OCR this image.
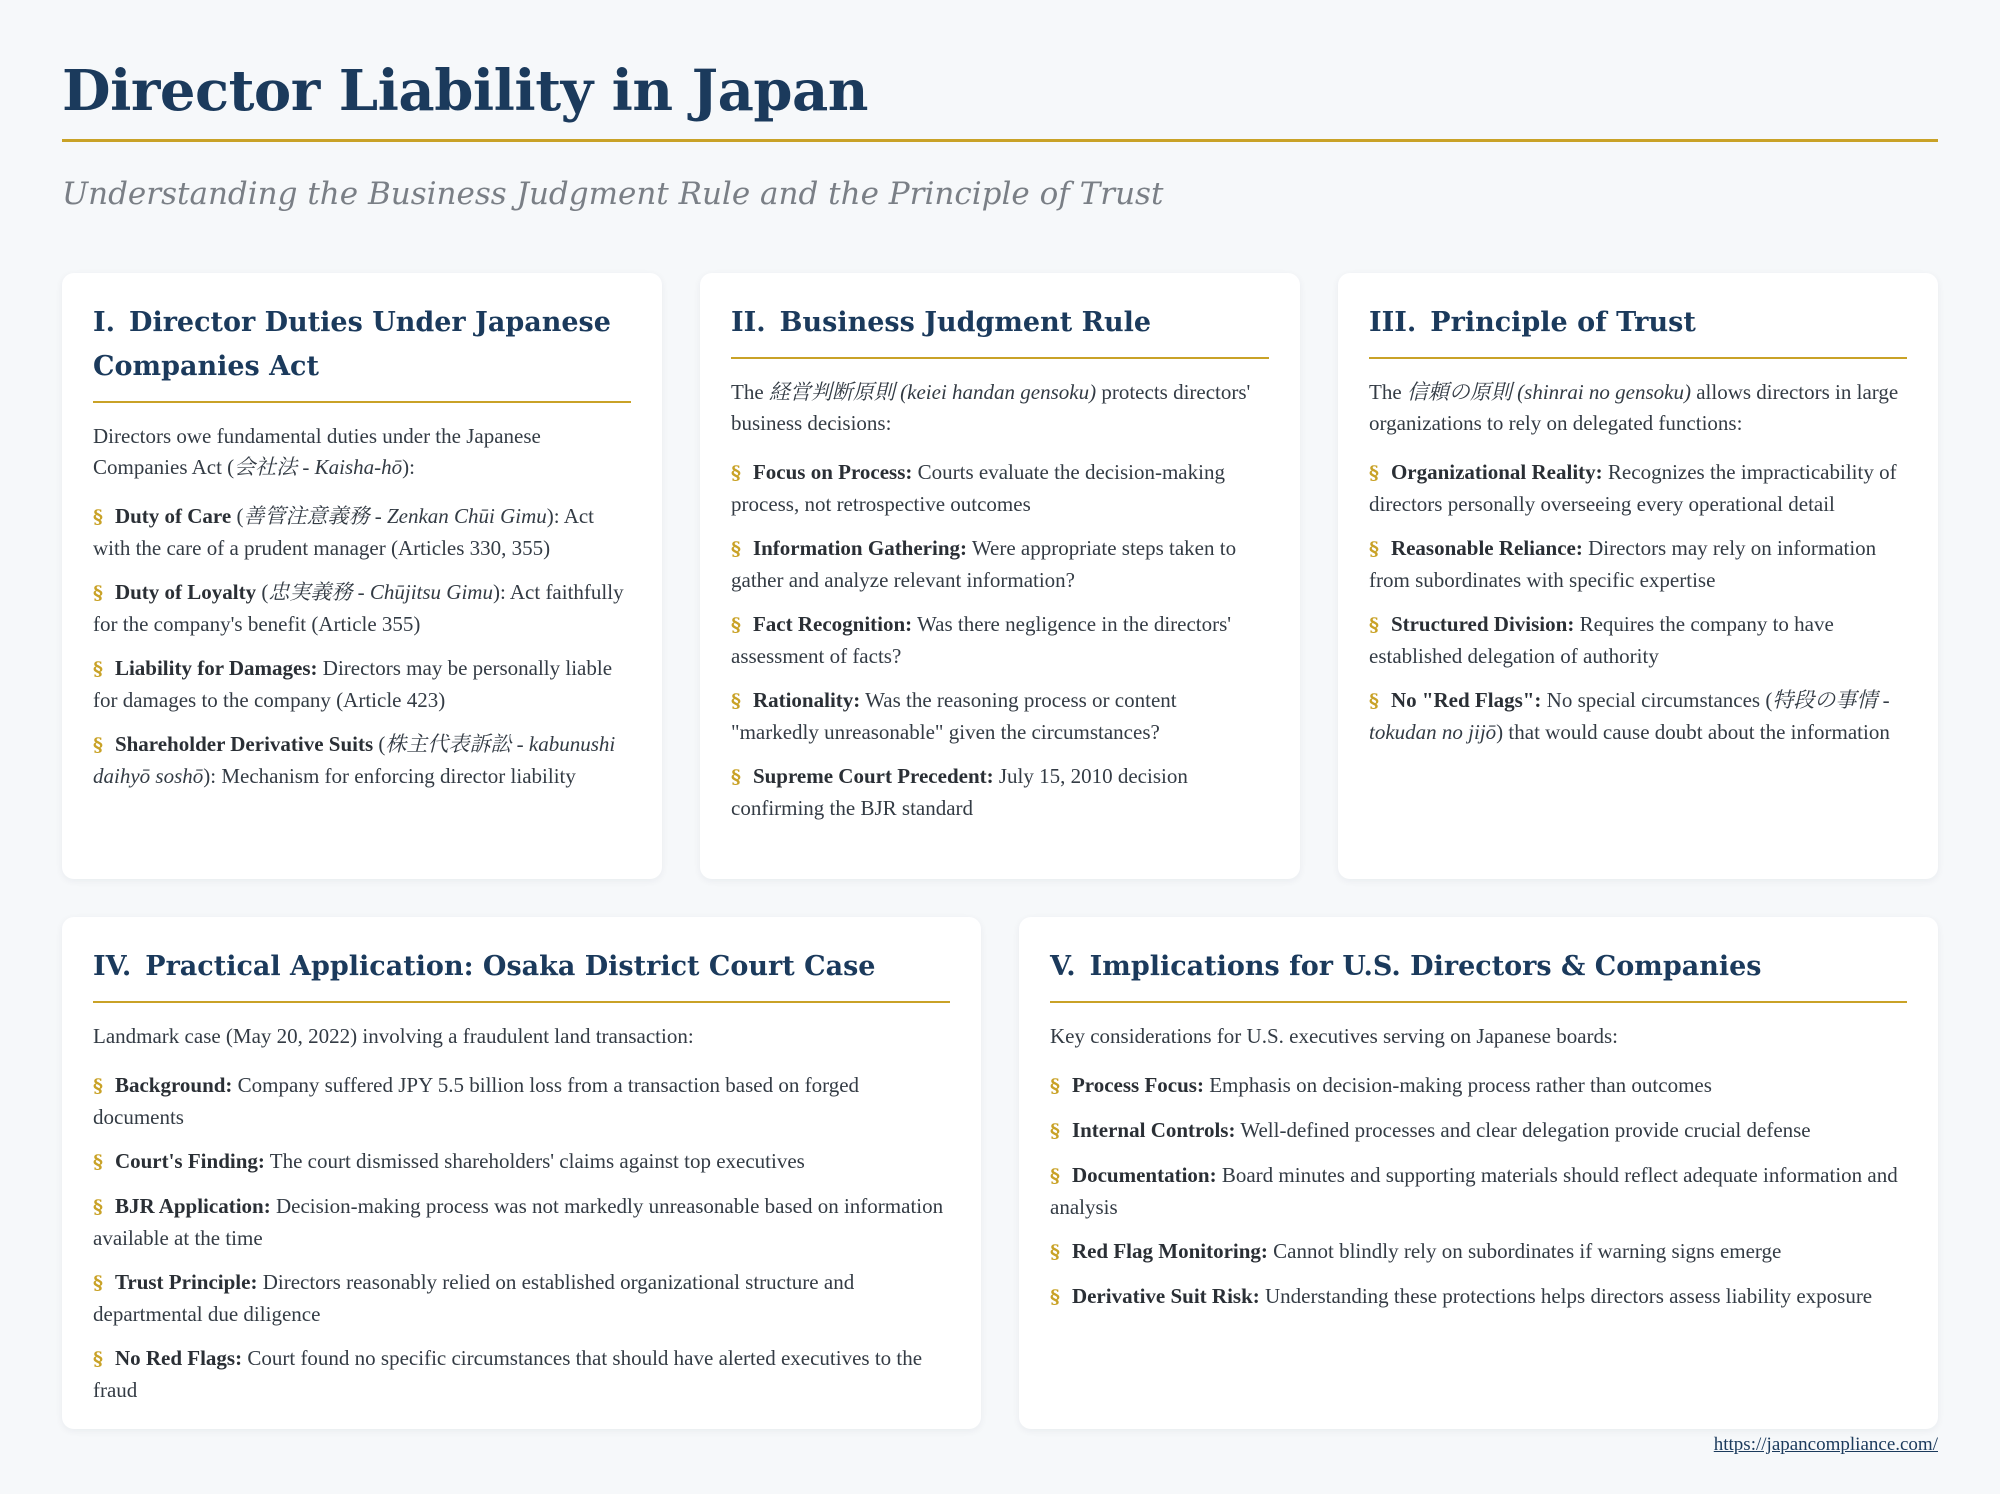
Director Liability in Japan

Understanding the Business Judgment Rule and the Principle of Trust

I. Director Duties Under Japanese Companies Act

Directors owe fundamental duties under the Japanese Companies Act (会社法 - Kaisha-hō):

§ Duty of Care (善管注意義務 - Zenkan Chūi Gimu): Act with the care of a prudent manager (Articles 330, 355)
§ Duty of Loyalty (忠実義務 - Chūjitsu Gimu): Act faithfully for the company's benefit (Article 355)
§ Liability for Damages: Directors may be personally liable for damages to the company (Article 423)
§ Shareholder Derivative Suits (株主代表訴訟 - kabunushi daihyō soshō): Mechanism for enforcing director liability
II. Business Judgment Rule

The 経営判断原則 (keiei handan gensoku) protects directors' business decisions:

§ Focus on Process: Courts evaluate the decision-making process, not retrospective outcomes
§ Information Gathering: Were appropriate steps taken to gather and analyze relevant information?
§ Fact Recognition: Was there negligence in the directors' assessment of facts?
§ Rationality: Was the reasoning process or content "markedly unreasonable" given the circumstances?
§ Supreme Court Precedent: July 15, 2010 decision confirming the BJR standard
III. Principle of Trust

The 信頼の原則 (shinrai no gensoku) allows directors in large organizations to rely on delegated functions:

§ Organizational Reality: Recognizes the impracticability of directors personally overseeing every operational detail
§ Reasonable Reliance: Directors may rely on information from subordinates with specific expertise
§ Structured Division: Requires the company to have established delegation of authority
§ No "Red Flags": No special circumstances (特段の事情 - tokudan no jijō) that would cause doubt about the information
IV. Practical Application: Osaka District Court Case

Landmark case (May 20, 2022) involving a fraudulent land transaction:

§ Background: Company suffered JPY 5.5 billion loss from a transaction based on forged documents
§ Court's Finding: The court dismissed shareholders' claims against top executives
§ BJR Application: Decision-making process was not markedly unreasonable based on information available at the time
§ Trust Principle: Directors reasonably relied on established organizational structure and departmental due diligence
§ No Red Flags: Court found no specific circumstances that should have alerted executives to the fraud
V. Implications for U.S. Directors & Companies

Key considerations for U.S. executives serving on Japanese boards:

§ Process Focus: Emphasis on decision-making process rather than outcomes
§ Internal Controls: Well-defined processes and clear delegation provide crucial defense
§ Documentation: Board minutes and supporting materials should reflect adequate information and analysis
§ Red Flag Monitoring: Cannot blindly rely on subordinates if warning signs emerge
§ Derivative Suit Risk: Understanding these protections helps directors assess liability exposure
https://japancompliance.com/
